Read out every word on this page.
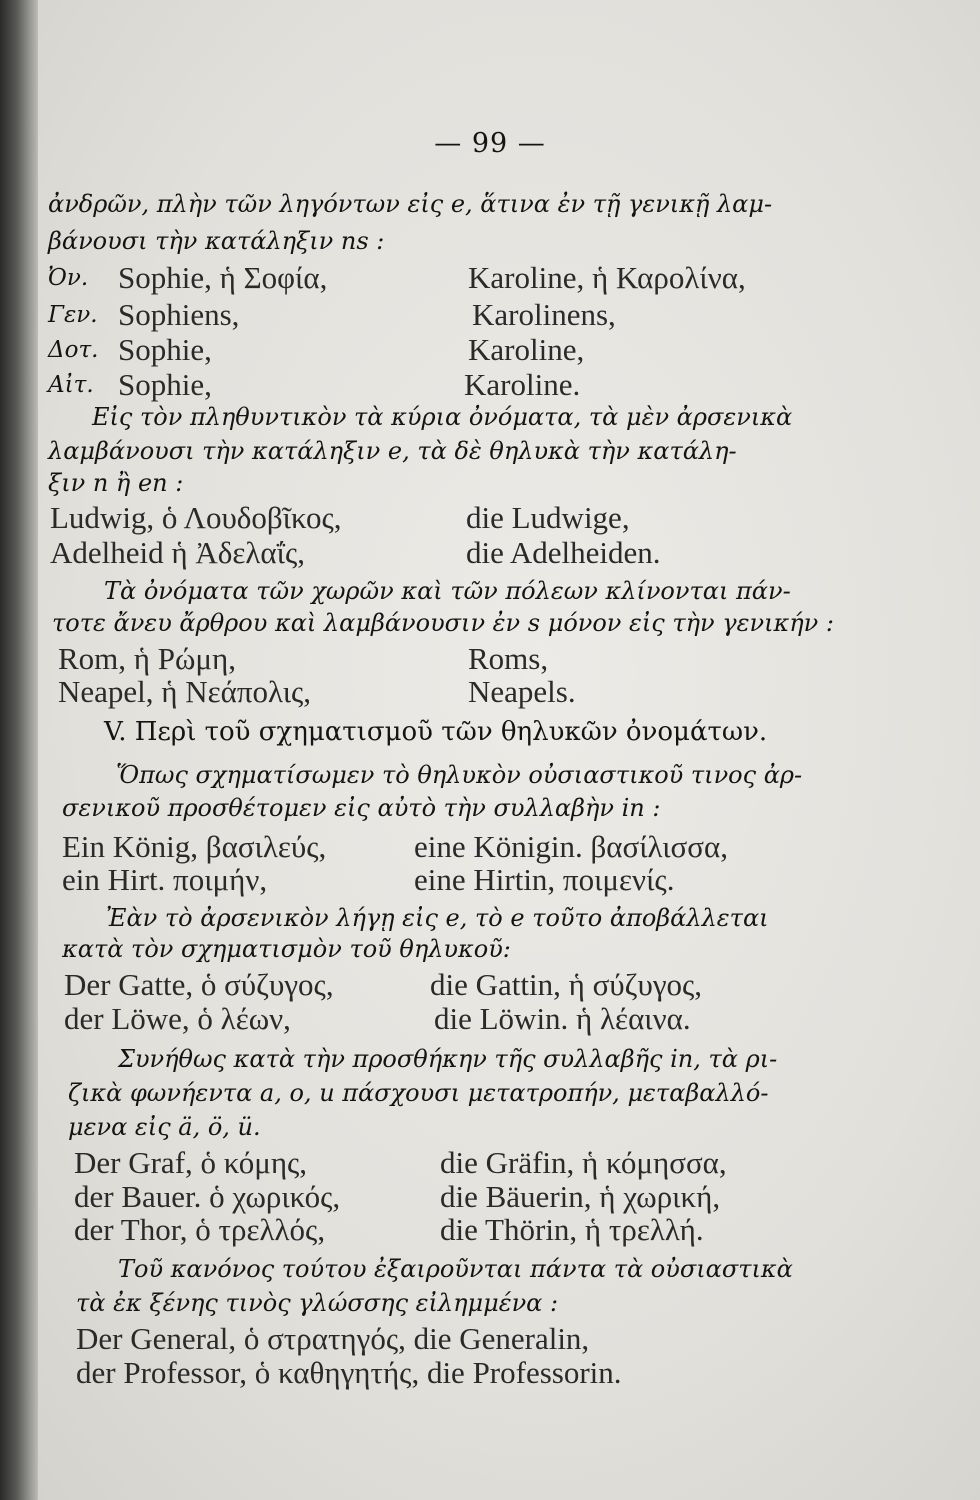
— 99 —
ἀνδρῶν, πλὴν τῶν ληγόντων εἰς e, ἅτινα ἐν τῇ γενικῇ λαμ-
βάνουσι τὴν κατάληξιν ns :
Ὀν. Sophie, ἡ Σοφία,	Karoline, ἡ Καρολίνα,
Γεν. Sophiens,	Karolinens,
Δοτ. Sophie,	Karoline,
Αἰτ. Sophie,	Karoline.
Εἰς τὸν πληθυντικὸν τὰ κύρια ὀνόματα, τὰ μὲν ἀρσενικὰ
λαμβάνουσι τὴν κατάληξιν e, τὰ δὲ θηλυκὰ τὴν κατάλη-
ξιν n ἢ en :
Ludwig, ὁ Λουδοβῖκος,	die Ludwige,
Adelheid ἡ Ἀδελαΐς,	die Adelheiden.
Τὰ ὀνόματα τῶν χωρῶν καὶ τῶν πόλεων κλίνονται πάν-
τοτε ἄνευ ἄρθρου καὶ λαμβάνουσιν ἐν s μόνον εἰς τὴν γενικήν :
Rom, ἡ Ρώμη,	Roms,
Neapel, ἡ Νεάπολις,	Neapels.
V. Περὶ τοῦ σχηματισμοῦ τῶν θηλυκῶν ὀνομάτων.
Ὅπως σχηματίσωμεν τὸ θηλυκὸν οὐσιαστικοῦ τινος ἀρ-
σενικοῦ προσθέτομεν εἰς αὐτὸ τὴν συλλαβὴν in :
Ein König, βασιλεύς,	eine Königin. βασίλισσα,
ein Hirt. ποιμήν,	eine Hirtin, ποιμενίς.
Ἐὰν τὸ ἀρσενικὸν λήγῃ εἰς e, τὸ e τοῦτο ἀποβάλλεται
κατὰ τὸν σχηματισμὸν τοῦ θηλυκοῦ:
Der Gatte, ὁ σύζυγος,	die Gattin, ἡ σύζυγος,
der Löwe, ὁ λέων,	die Löwin. ἡ λέαινα.
Συνήθως κατὰ τὴν προσθήκην τῆς συλλαβῆς in, τὰ ρι-
ζικὰ φωνήεντα a, o, u πάσχουσι μετατροπήν, μεταβαλλό-
μενα εἰς ä, ö, ü.
Der Graf, ὁ κόμης,	die Gräfin, ἡ κόμησσα,
der Bauer. ὁ χωρικός,	die Bäuerin, ἡ χωρική,
der Thor, ὁ τρελλός,	die Thörin, ἡ τρελλή.
Τοῦ κανόνος τούτου ἐξαιροῦνται πάντα τὰ οὐσιαστικὰ
τὰ ἐκ ξένης τινὸς γλώσσης εἰλημμένα :
Der General, ὁ στρατηγός, die Generalin,
der Professor, ὁ καθηγητής, die Professorin.
